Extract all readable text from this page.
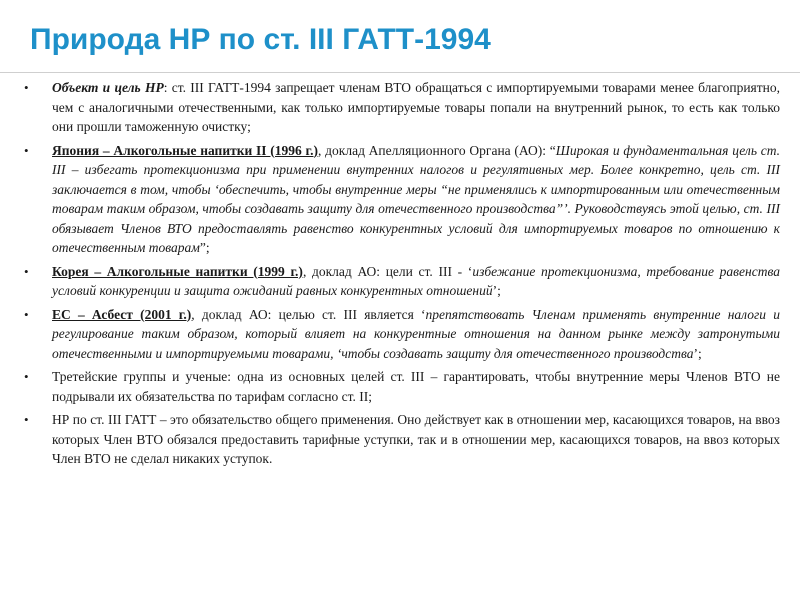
Природа НР по ст. III ГАТТ-1994

• Объект и цель НР: ст. III ГАТТ-1994 запрещает членам ВТО обращаться с импортируемыми товарами менее благоприятно, чем с аналогичными отечественными, как только импортируемые товары попали на внутренний рынок, то есть как только они прошли таможенную очистку;

• Япония – Алкогольные напитки II (1996 г.), доклад Апелляционного Органа (АО): “Широкая и фундаментальная цель ст. III – избегать протекционизма при применении внутренних налогов и регулятивных мер. Более конкретно, цель ст. III заключается в том, чтобы ‘обеспечить, чтобы внутренние меры “не применялись к импортированным или отечественным товарам таким образом, чтобы создавать защиту для отечественного производства”’. Руководствуясь этой целью, ст. III обязывает Членов ВТО предоставлять равенство конкурентных условий для импортируемых товаров по отношению к отечественным товарам”;

• Корея – Алкогольные напитки (1999 г.), доклад АО: цели ст. III - ‘избежание протекционизма, требование равенства условий конкуренции и защита ожиданий равных конкурентных отношений’;

• ЕС – Асбест (2001 г.), доклад АО: целью ст. III является ‘препятствовать Членам применять внутренние налоги и регулирование таким образом, который влияет на конкурентные отношения на данном рынке между затронутыми отечественными и импортируемыми товарами, ‘чтобы создавать защиту для отечественного производства’;

• Третейские группы и ученые: одна из основных целей ст. III – гарантировать, чтобы внутренние меры Членов ВТО не подрывали их обязательства по тарифам согласно ст. II;

• НР по ст. III ГАТТ – это обязательство общего применения. Оно действует как в отношении мер, касающихся товаров, на ввоз которых Член ВТО обязался предоставить тарифные уступки, так и в отношении мер, касающихся товаров, на ввоз которых Член ВТО не сделал никаких уступок.
